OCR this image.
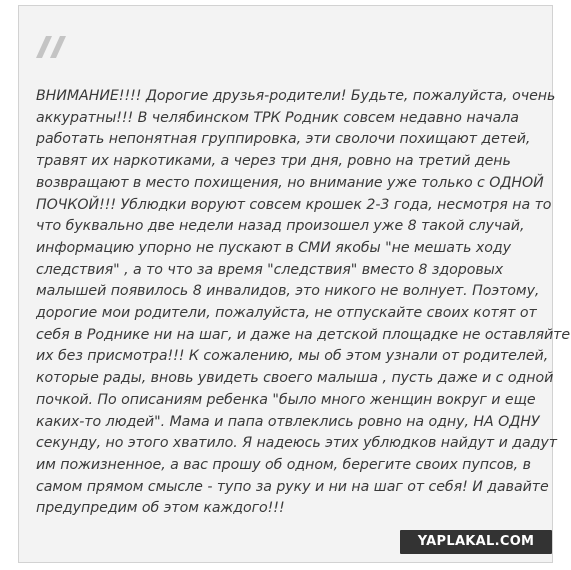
ВНИМАНИЕ!!!! Дорогие друзья-родители! Будьте, пожалуйста, очень
аккуратны!!! В челябинском ТРК Родник совсем недавно начала
работать непонятная группировка, эти сволочи похищают детей,
травят их наркотиками, а через три дня, ровно на третий день
возвращают в место похищения, но внимание уже только с ОДНОЙ
ПОЧКОЙ!!! Ублюдки воруют совсем крошек 2-3 года, несмотря на то
что буквально две недели назад произошел уже 8 такой случай,
информацию упорно не пускают в СМИ якобы "не мешать ходу
следствия" , а то что за время "следствия" вместо 8 здоровых
малышей появилось 8 инвалидов, это никого не волнует. Поэтому,
дорогие мои родители, пожалуйста, не отпускайте своих котят от
себя в Роднике ни на шаг, и даже на детской площадке не оставляйте
их без присмотра!!! К сожалению, мы об этом узнали от родителей,
которые рады, вновь увидеть своего малыша , пусть даже и с одной
почкой. По описаниям ребенка "было много женщин вокруг и еще
каких-то людей". Мама и папа отвлеклись ровно на одну, НА ОДНУ
секунду, но этого хватило. Я надеюсь этих ублюдков найдут и дадут
им пожизненное, а вас прошу об одном, берегите своих пупсов, в
самом прямом смысле - тупо за руку и ни на шаг от себя! И давайте
предупредим об этом каждого!!!

YAPLAKAL.COM
